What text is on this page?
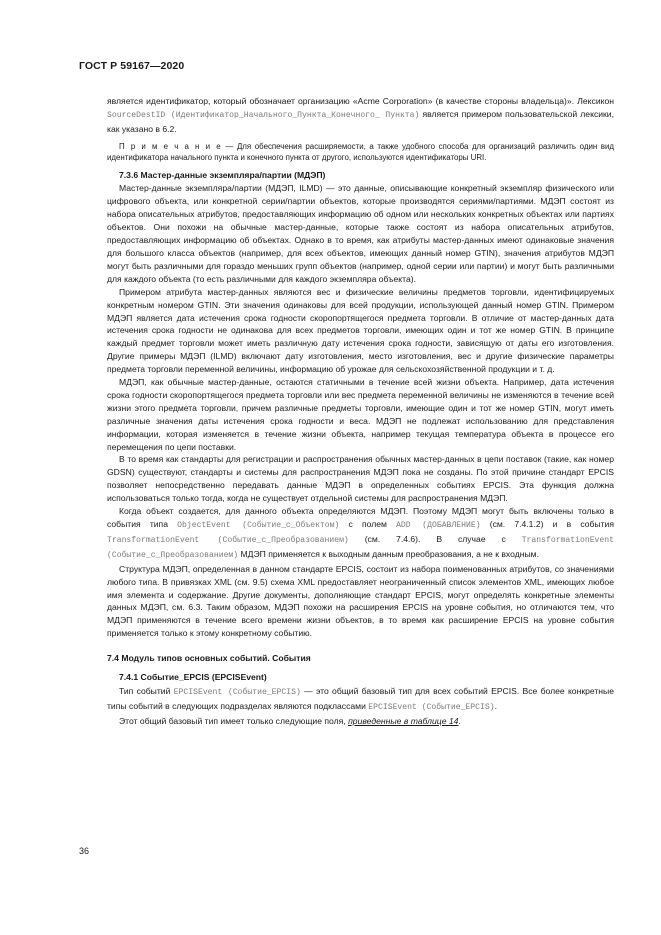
ГОСТ Р 59167—2020

является идентификатор, который обозначает организацию «Acme Corporation» (в качестве стороны владельца)». Лексикон SourceDestID (Идентификатор_Начального_Пункта_Конечного_ Пункта) является примером пользовательской лексики, как указано в 6.2.

П р и м е ч а н и е — Для обеспечения расширяемости, а также удобного способа для организаций различить один вид идентификатора начального пункта и конечного пункта от другого, используются идентификаторы URI.

7.3.6 Мастер-данные экземпляра/партии (МДЭП)

Мастер-данные экземпляра/партии (МДЭП, ILMD) — это данные, описывающие конкретный экземпляр физического или цифрового объекта, или конкретной серии/партии объектов, которые производятся сериями/партиями. МДЭП состоят из набора описательных атрибутов, предоставляющих информацию об одном или нескольких конкретных объектах или партиях объектов. Они похожи на обычные мастер-данные, которые также состоят из набора описательных атрибутов, предоставляющих информацию об объектах. Однако в то время, как атрибуты мастер-данных имеют одинаковые значения для большого класса объектов (например, для всех объектов, имеющих данный номер GTIN), значения атрибутов МДЭП могут быть различными для гораздо меньших групп объектов (например, одной серии или партии) и могут быть различными для каждого объекта (то есть различными для каждого экземпляра объекта).

Примером атрибута мастер-данных являются вес и физические величины предметов торговли, идентифицируемых конкретным номером GTIN. Эти значения одинаковы для всей продукции, использующей данный номер GTIN. Примером МДЭП является дата истечения срока годности скоропортящегося предмета торговли. В отличие от мастер-данных дата истечения срока годности не одинакова для всех предметов торговли, имеющих один и тот же номер GTIN. В принципе каждый предмет торговли может иметь различную дату истечения срока годности, зависящую от даты его изготовления. Другие примеры МДЭП (ILMD) включают дату изготовления, место изготовления, вес и другие физические параметры предмета торговли переменной величины, информацию об урожае для сельскохозяйственной продукции и т. д.

МДЭП, как обычные мастер-данные, остаются статичными в течение всей жизни объекта. Например, дата истечения срока годности скоропортящегося предмета торговли или вес предмета переменной величины не изменяются в течение всей жизни этого предмета торговли, причем различные предметы торговли, имеющие один и тот же номер GTIN, могут иметь различные значения даты истечения срока годности и веса. МДЭП не подлежат использованию для представления информации, которая изменяется в течение жизни объекта, например текущая температура объекта в процессе его перемещения по цепи поставки.

В то время как стандарты для регистрации и распространения обычных мастер-данных в цепи поставок (такие, как номер GDSN) существуют, стандарты и системы для распространения МДЭП пока не созданы. По этой причине стандарт EPCIS позволяет непосредственно передавать данные МДЭП в определенных событиях EPCIS. Эта функция должна использоваться только тогда, когда не существует отдельной системы для распространения МДЭП.

Когда объект создается, для данного объекта определяются МДЭП. Поэтому МДЭП могут быть включены только в события типа ObjectEvent (Событие_с_Объектом) с полем ADD (ДОБАВЛЕНИЕ) (см. 7.4.1.2) и в события TransformationEvent (Событие_с_Преобразованием) (см. 7.4.6). В случае с TransformationEvent (Событие_с_Преобразованием) МДЭП применяется к выходным данным преобразования, а не к входным.

Структура МДЭП, определенная в данном стандарте EPCIS, состоит из набора поименованных атрибутов, со значениями любого типа. В привязках XML (см. 9.5) схема XML предоставляет неограниченный список элементов XML, имеющих любое имя элемента и содержание. Другие документы, дополняющие стандарт EPCIS, могут определять конкретные элементы данных МДЭП, см. 6.3. Таким образом, МДЭП похожи на расширения EPCIS на уровне события, но отличаются тем, что МДЭП применяются в течение всего времени жизни объектов, в то время как расширение EPCIS на уровне события применяется только к этому конкретному событию.

7.4 Модуль типов основных событий. События
7.4.1 Событие_EPCIS (EPCISEvent)

Тип событий EPCISEvent (Событие_EPCIS) — это общий базовый тип для всех событий EPCIS. Все более конкретные типы событий в следующих подразделах являются подклассами EPCISEvent (Событие_EPCIS).

Этот общий базовый тип имеет только следующие поля, приведенные в таблице 14.

36
